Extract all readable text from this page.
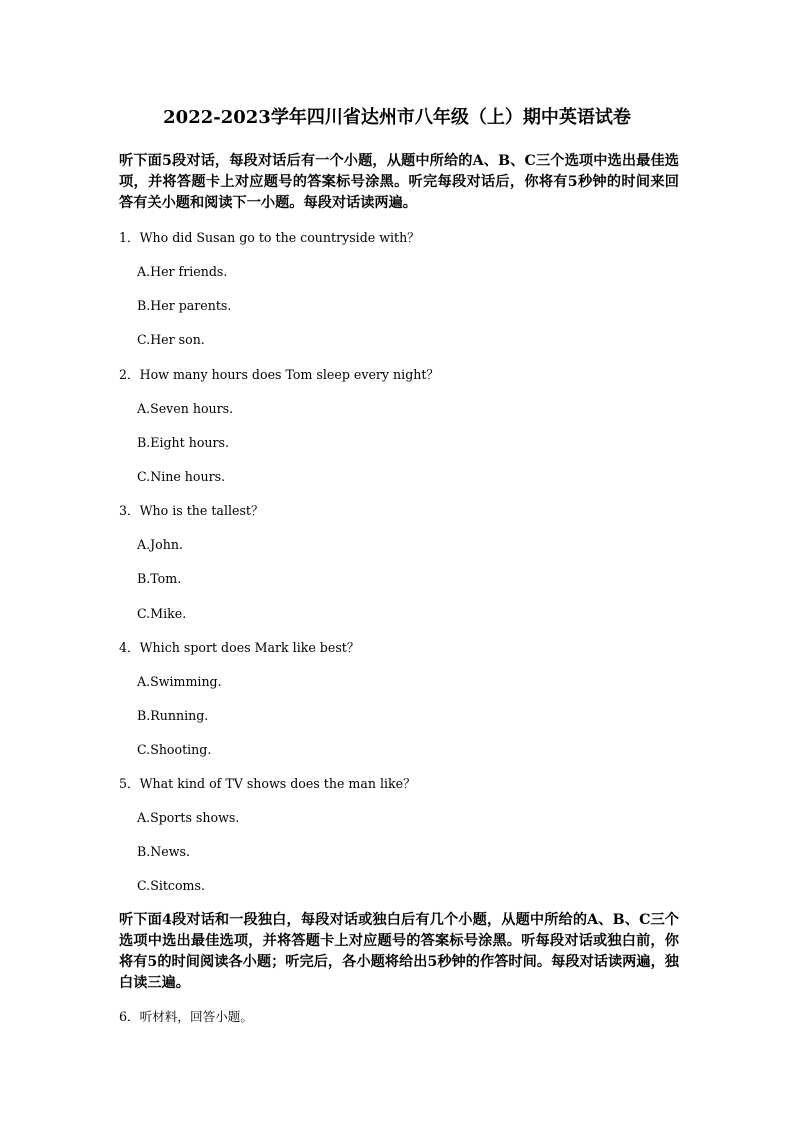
2022-2023学年四川省达州市八年级（上）期中英语试卷
听下面5段对话，每段对话后有一个小题，从题中所给的A、B、C三个选项中选出最佳选项，并将答题卡上对应题号的答案标号涂黑。听完每段对话后，你将有5秒钟的时间来回答有关小题和阅读下一小题。每段对话读两遍。
1．Who did Susan go to the countryside with？
A.Her friends.
B.Her parents.
C.Her son.
2．How many hours does Tom sleep every night？
A.Seven hours.
B.Eight hours.
C.Nine hours.
3．Who is the tallest？
A.John.
B.Tom.
C.Mike.
4．Which sport does Mark like best？
A.Swimming.
B.Running.
C.Shooting.
5．What kind of TV shows does the man like？
A.Sports shows.
B.News.
C.Sitcoms.
听下面4段对话和一段独白，每段对话或独白后有几个小题，从题中所给的A、B、C三个选项中选出最佳选项，并将答题卡上对应题号的答案标号涂黑。听每段对话或独白前，你将有5的时间阅读各小题；听完后，各小题将给出5秒钟的作答时间。每段对话读两遍，独白读三遍。
6．听材料，回答小题。
